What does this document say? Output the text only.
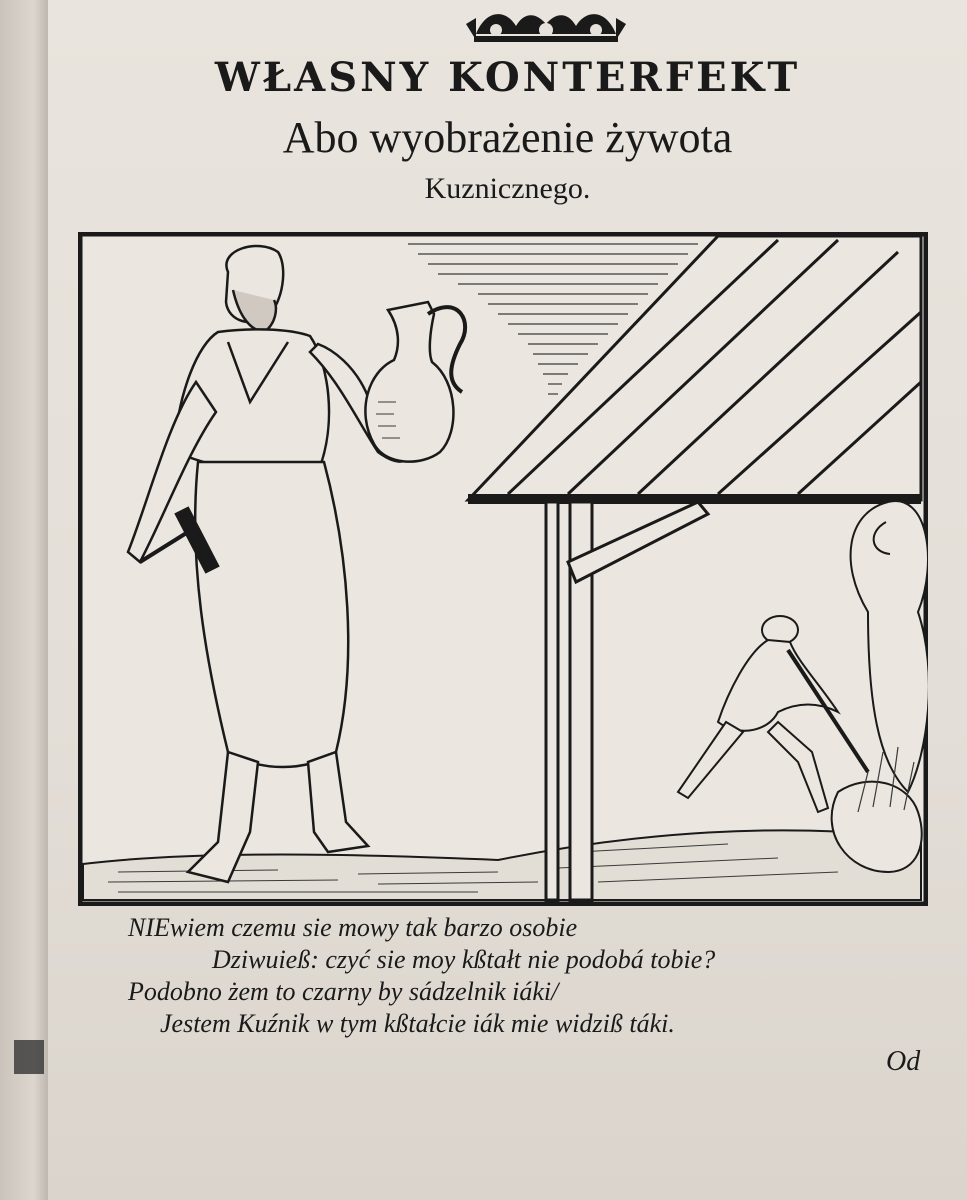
WŁASNY KONTERFEKT
Abo wyobrażenie żywota
Kuznicznego.
NIEwiem czemu sie mowy tak barzo osobie
Dziwuieß: czyć sie moy kßtałt nie podobá tobie?
Podobno żem to czarny by sádzelnik iáki/
Jestem Kuźnik w tym kßtałcie iák mie widziß táki.
Od
